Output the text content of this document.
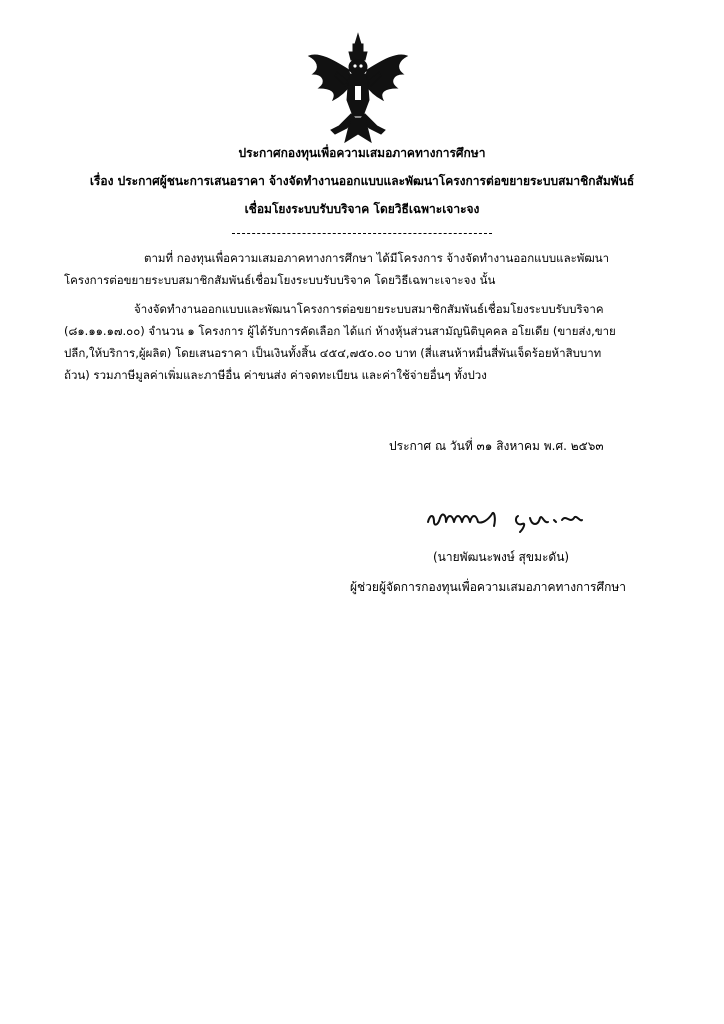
ประกาศกองทุนเพื่อความเสมอภาคทางการศึกษา
เรื่อง ประกาศผู้ชนะการเสนอราคา จ้างจัดทำงานออกแบบและพัฒนาโครงการต่อขยายระบบสมาชิกสัมพันธ์
เชื่อมโยงระบบรับบริจาค โดยวิธีเฉพาะเจาะจง
ตามที่ กองทุนเพื่อความเสมอภาคทางการศึกษา ได้มีโครงการ จ้างจัดทำงานออกแบบและพัฒนา
โครงการต่อขยายระบบสมาชิกสัมพันธ์เชื่อมโยงระบบรับบริจาค โดยวิธีเฉพาะเจาะจง นั้น
จ้างจัดทำงานออกแบบและพัฒนาโครงการต่อขยายระบบสมาชิกสัมพันธ์เชื่อมโยงระบบรับบริจาค
(๘๑.๑๑.๑๗.๐๐) จำนวน ๑ โครงการ ผู้ได้รับการคัดเลือก ได้แก่ ห้างหุ้นส่วนสามัญนิติบุคคล อโยเดีย (ขายส่ง,ขาย
ปลีก,ให้บริการ,ผู้ผลิต) โดยเสนอราคา เป็นเงินทั้งสิ้น ๔๕๔,๗๕๐.๐๐ บาท (สี่แสนห้าหมื่นสี่พันเจ็ดร้อยห้าสิบบาท
ถ้วน) รวมภาษีมูลค่าเพิ่มและภาษีอื่น ค่าขนส่ง ค่าจดทะเบียน และค่าใช้จ่ายอื่นๆ ทั้งปวง
ประกาศ ณ วันที่ ๓๑ สิงหาคม พ.ศ. ๒๕๖๓
(นายพัฒนะพงษ์ สุขมะดัน)
ผู้ช่วยผู้จัดการกองทุนเพื่อความเสมอภาคทางการศึกษา
